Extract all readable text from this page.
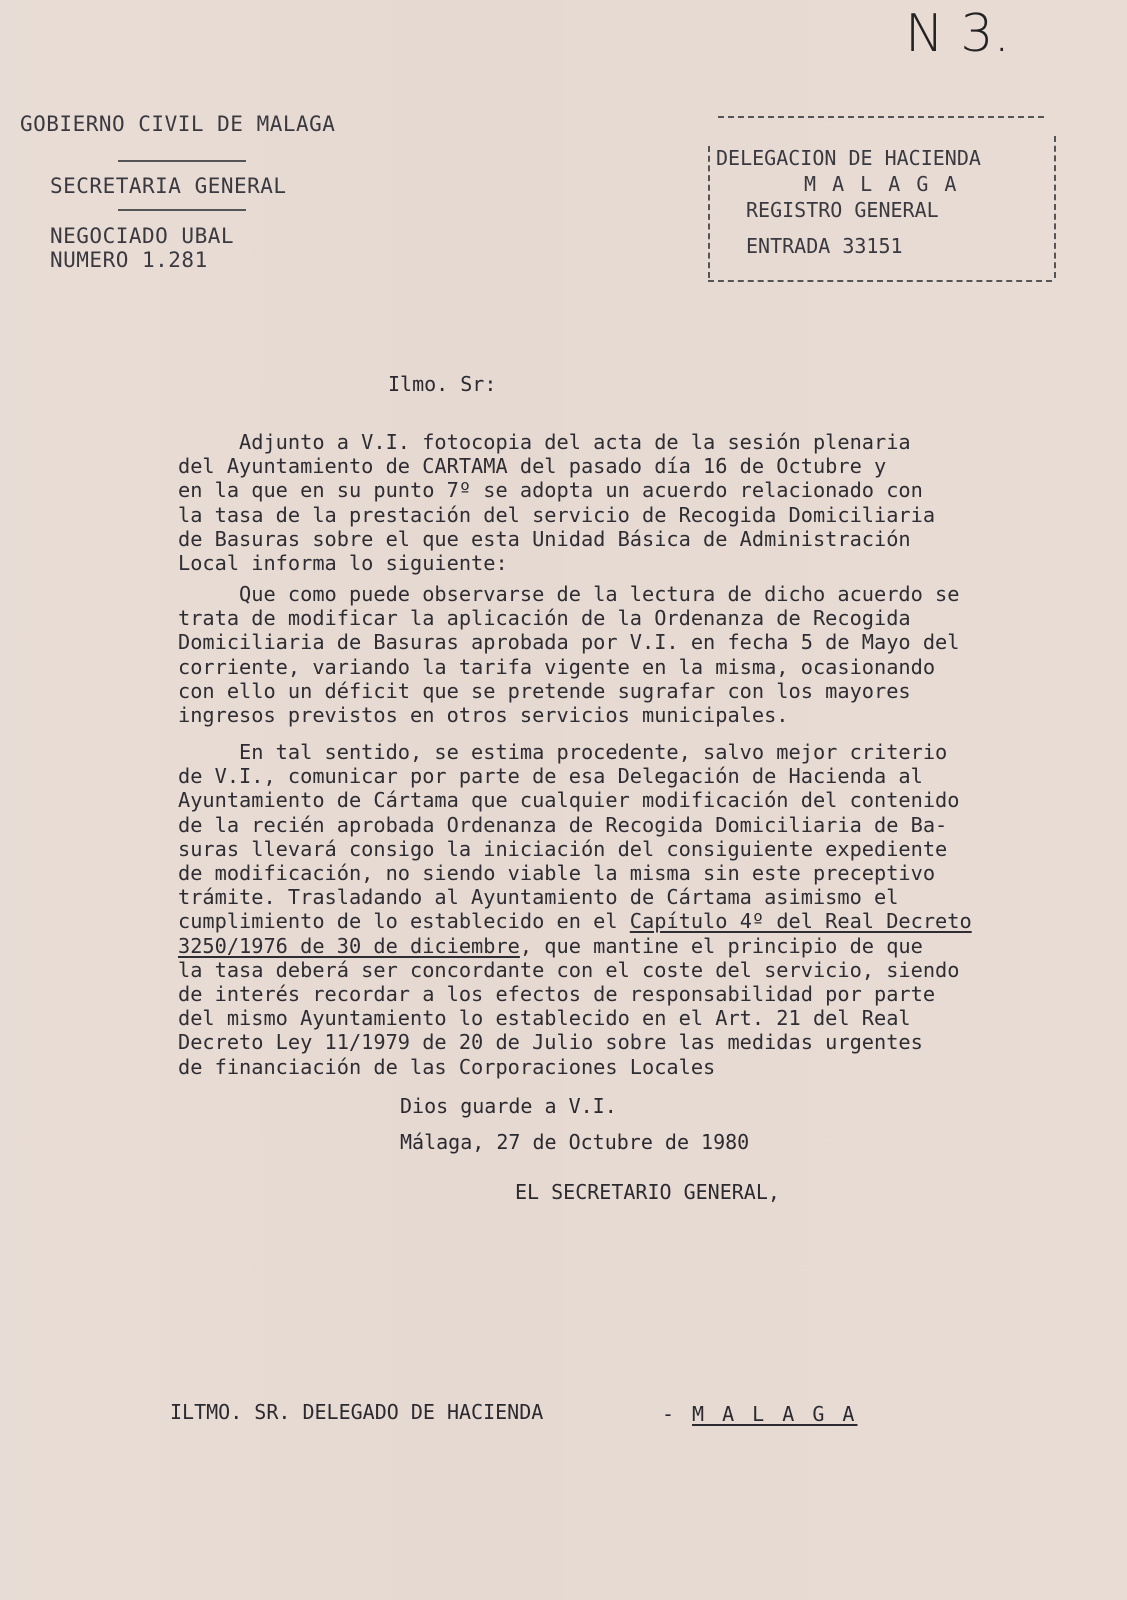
N 3.
GOBIERNO CIVIL DE MALAGA
SECRETARIA GENERAL
NEGOCIADO UBAL
NUMERO 1.281
DELEGACION DE HACIENDA
M A L A G A
REGISTRO GENERAL
ENTRADA 33151
Ilmo. Sr:

Adjunto a V.I. fotocopia del acta de la sesión plenaria

del Ayuntamiento de CARTAMA del pasado día 16 de Octubre y

en la que en su punto 7º se adopta un acuerdo relacionado con

la tasa de la prestación del servicio de Recogida Domiciliaria

de Basuras sobre el que esta Unidad Básica de Administración

Local informa lo siguiente:

Que como puede observarse de la lectura de dicho acuerdo se

trata de modificar la aplicación de la Ordenanza de Recogida

Domiciliaria de Basuras aprobada por V.I. en fecha 5 de Mayo del

corriente, variando la tarifa vigente en la misma, ocasionando

con ello un déficit que se pretende sugrafar con los mayores

ingresos previstos en otros servicios municipales.

En tal sentido, se estima procedente, salvo mejor criterio

de V.I., comunicar por parte de esa Delegación de Hacienda al

Ayuntamiento de Cártama que cualquier modificación del contenido

de la recién aprobada Ordenanza de Recogida Domiciliaria de Ba-

suras llevará consigo la iniciación del consiguiente expediente

de modificación, no siendo viable la misma sin este preceptivo

trámite. Trasladando al Ayuntamiento de Cártama asimismo el

cumplimiento de lo establecido en el Capítulo 4º del Real Decreto

3250/1976 de 30 de diciembre, que mantine el principio de que

la tasa deberá ser concordante con el coste del servicio, siendo

de interés recordar a los efectos de responsabilidad por parte

del mismo Ayuntamiento lo establecido en el Art. 21 del Real

Decreto Ley 11/1979 de 20 de Julio sobre las medidas urgentes

de financiación de las Corporaciones Locales

Dios guarde a V.I.
Málaga, 27 de Octubre de 1980
EL SECRETARIO GENERAL,
ILTMO. SR. DELEGADO DE HACIENDA	- M A L A G A
